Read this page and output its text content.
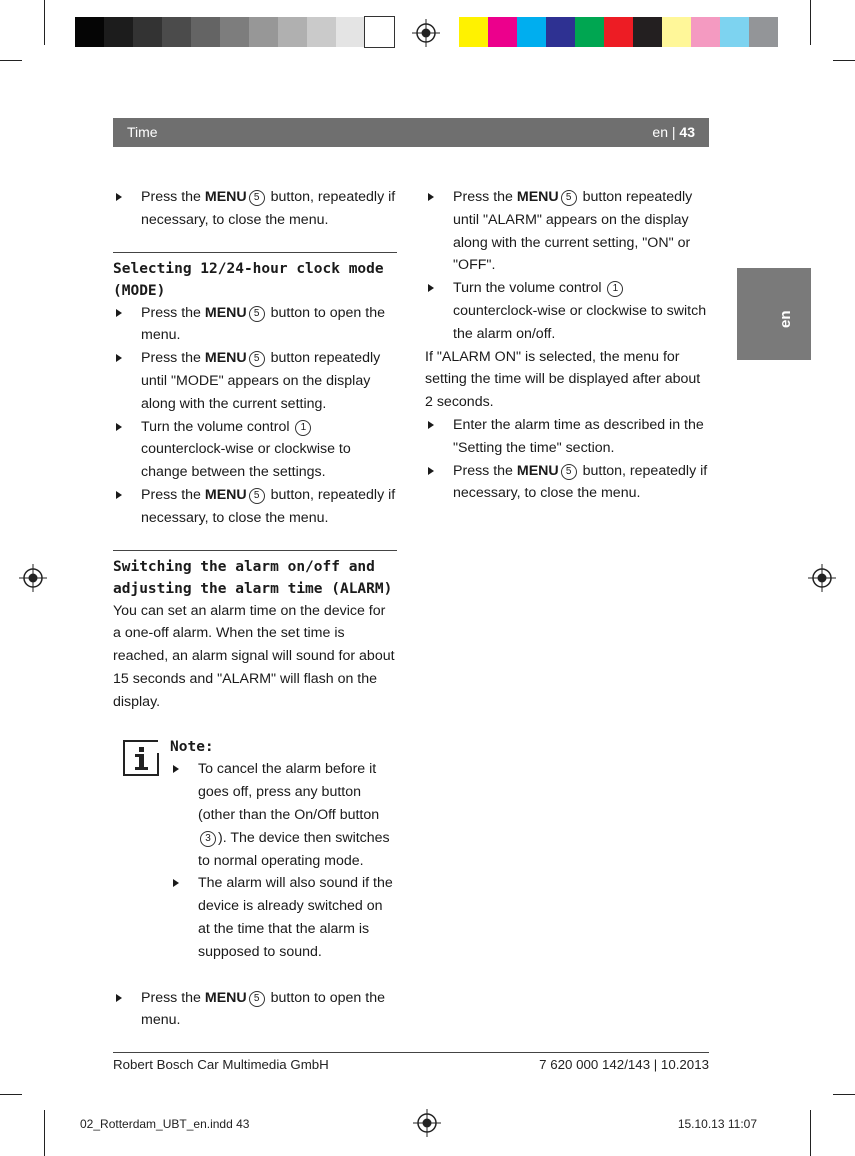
Time	en | 43
en
Press the MENU 5 button, repeatedly if necessary, to close the menu.
Selecting 12/24-hour clock mode (MODE)
Press the MENU 5 button to open the menu.
Press the MENU 5 button repeatedly until "MODE" appears on the display along with the current setting.
Turn the volume control 1 counterclock-wise or clockwise to change between the settings.
Press the MENU 5 button, repeatedly if necessary, to close the menu.
Switching the alarm on/off and adjusting the alarm time (ALARM)
You can set an alarm time on the device for a one-off alarm. When the set time is reached, an alarm signal will sound for about 15 seconds and "ALARM" will flash on the display.
Note:
To cancel the alarm before it goes off, press any button (other than the On/Off button 3 ). The device then switches to normal operating mode.
The alarm will also sound if the device is already switched on at the time that the alarm is supposed to sound.
Press the MENU 5 button to open the menu.
Press the MENU 5 button repeatedly until "ALARM" appears on the display along with the current setting, "ON" or "OFF".
Turn the volume control 1 counterclock-wise or clockwise to switch the alarm on/off.
If "ALARM ON" is selected, the menu for setting the time will be displayed after about 2 seconds.
Enter the alarm time as described in the "Setting the time" section.
Press the MENU 5 button, repeatedly if necessary, to close the menu.
Robert Bosch Car Multimedia GmbH	7 620 000 142/143 | 10.2013
02_Rotterdam_UBT_en.indd 43	15.10.13 11:07
